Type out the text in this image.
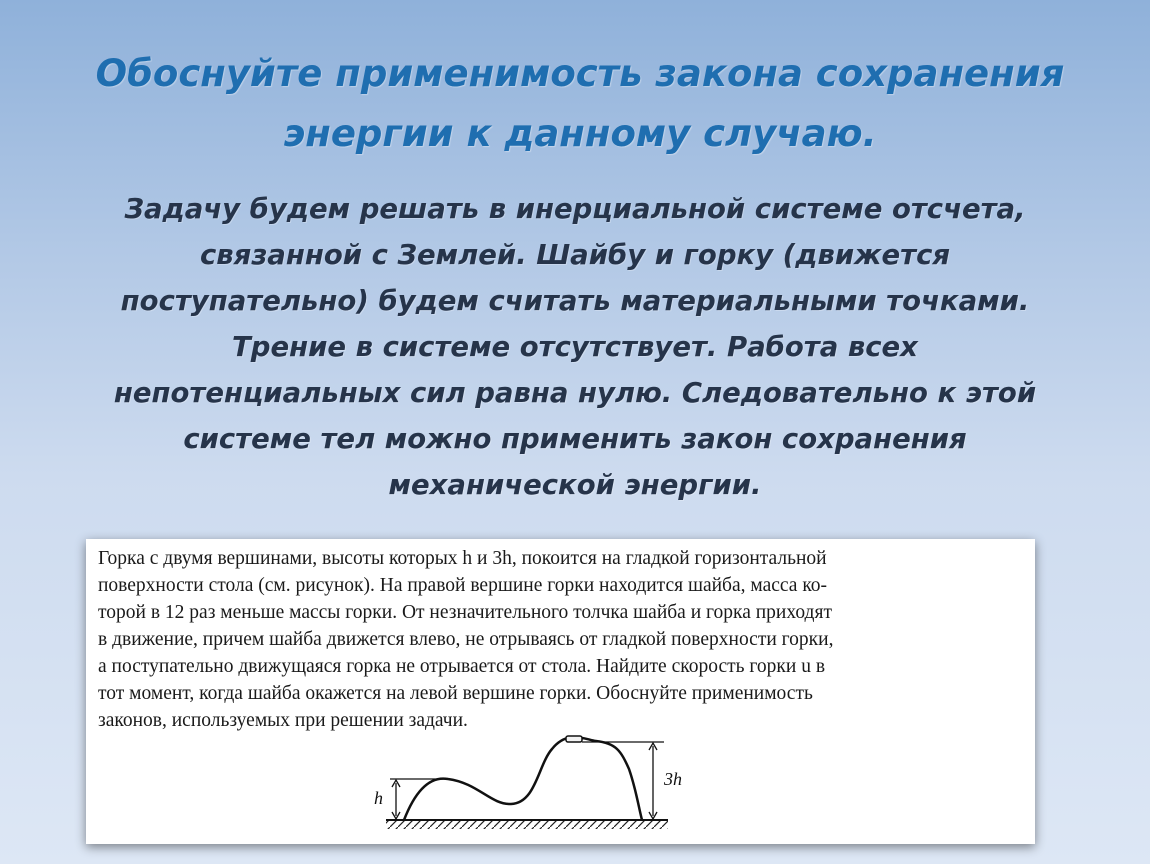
Обоснуйте применимость закона сохранения
энергии к данному случаю.
Задачу будем решать в инерциальной системе отсчета,
связанной с Землей. Шайбу и горку (движется
поступательно) будем считать материальными точками.
Трение в системе отсутствует. Работа всех
непотенциальных сил равна нулю. Следовательно к этой
системе тел можно применить закон сохранения
механической энергии.
Горка с двумя вершинами, высоты которых h и 3h, покоится на гладкой горизонтальной
поверхности стола (см. рисунок). На правой вершине горки находится шайба, масса ко-
торой в 12 раз меньше массы горки. От незначительного толчка шайба и горка приходят
в движение, причем шайба движется влево, не отрываясь от гладкой поверхности горки,
а поступательно движущаяся горка не отрывается от стола. Найдите скорость горки u в
тот момент, когда шайба окажется на левой вершине горки. Обоснуйте применимость
законов, используемых при решении задачи.
h
3h
